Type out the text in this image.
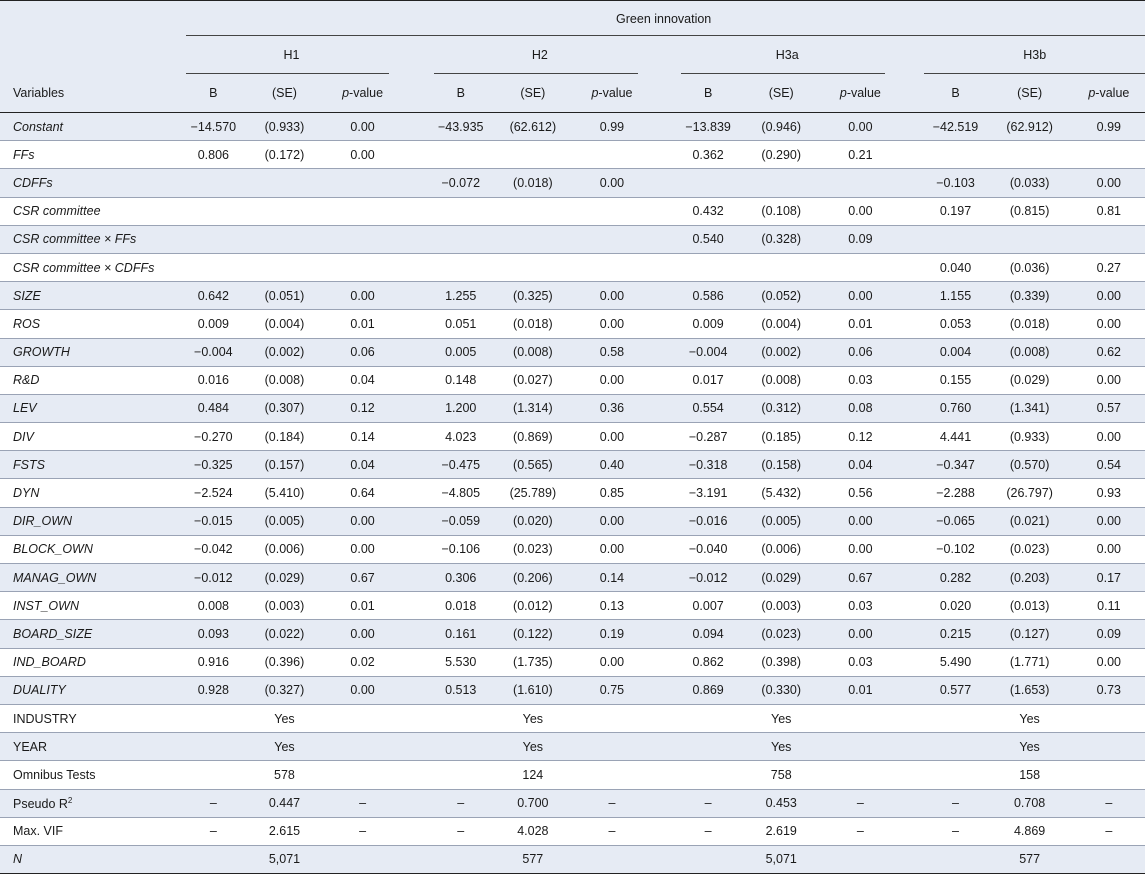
	Green innovation														
	H1				H2				H3a				H3b		
Variables	B	(SE)	p-value		B	(SE)	p-value		B	(SE)	p-value		B	(SE)	p-value
Constant	−14.570	(0.933)	0.00		−43.935	(62.612)	0.99		−13.839	(0.946)	0.00		−42.519	(62.912)	0.99
FFs	0.806	(0.172)	0.00						0.362	(0.290)	0.21				
CDFFs					−0.072	(0.018)	0.00						−0.103	(0.033)	0.00
CSR committee									0.432	(0.108)	0.00		0.197	(0.815)	0.81
CSR committee × FFs									0.540	(0.328)	0.09				
CSR committee × CDFFs													0.040	(0.036)	0.27
SIZE	0.642	(0.051)	0.00		1.255	(0.325)	0.00		0.586	(0.052)	0.00		1.155	(0.339)	0.00
ROS	0.009	(0.004)	0.01		0.051	(0.018)	0.00		0.009	(0.004)	0.01		0.053	(0.018)	0.00
GROWTH	−0.004	(0.002)	0.06		0.005	(0.008)	0.58		−0.004	(0.002)	0.06		0.004	(0.008)	0.62
R&D	0.016	(0.008)	0.04		0.148	(0.027)	0.00		0.017	(0.008)	0.03		0.155	(0.029)	0.00
LEV	0.484	(0.307)	0.12		1.200	(1.314)	0.36		0.554	(0.312)	0.08		0.760	(1.341)	0.57
DIV	−0.270	(0.184)	0.14		4.023	(0.869)	0.00		−0.287	(0.185)	0.12		4.441	(0.933)	0.00
FSTS	−0.325	(0.157)	0.04		−0.475	(0.565)	0.40		−0.318	(0.158)	0.04		−0.347	(0.570)	0.54
DYN	−2.524	(5.410)	0.64		−4.805	(25.789)	0.85		−3.191	(5.432)	0.56		−2.288	(26.797)	0.93
DIR_OWN	−0.015	(0.005)	0.00		−0.059	(0.020)	0.00		−0.016	(0.005)	0.00		−0.065	(0.021)	0.00
BLOCK_OWN	−0.042	(0.006)	0.00		−0.106	(0.023)	0.00		−0.040	(0.006)	0.00		−0.102	(0.023)	0.00
MANAG_OWN	−0.012	(0.029)	0.67		0.306	(0.206)	0.14		−0.012	(0.029)	0.67		0.282	(0.203)	0.17
INST_OWN	0.008	(0.003)	0.01		0.018	(0.012)	0.13		0.007	(0.003)	0.03		0.020	(0.013)	0.11
BOARD_SIZE	0.093	(0.022)	0.00		0.161	(0.122)	0.19		0.094	(0.023)	0.00		0.215	(0.127)	0.09
IND_BOARD	0.916	(0.396)	0.02		5.530	(1.735)	0.00		0.862	(0.398)	0.03		5.490	(1.771)	0.00
DUALITY	0.928	(0.327)	0.00		0.513	(1.610)	0.75		0.869	(0.330)	0.01		0.577	(1.653)	0.73
INDUSTRY		Yes				Yes				Yes				Yes	
YEAR		Yes				Yes				Yes				Yes	
Omnibus Tests		578				124				758				158	
Pseudo $R^2$	–	0.447	–		–	0.700	–		–	0.453	–		–	0.708	–
Max. VIF	–	2.615	–		–	4.028	–		–	2.619	–		–	4.869	–
N		5,071				577				5,071				577	
